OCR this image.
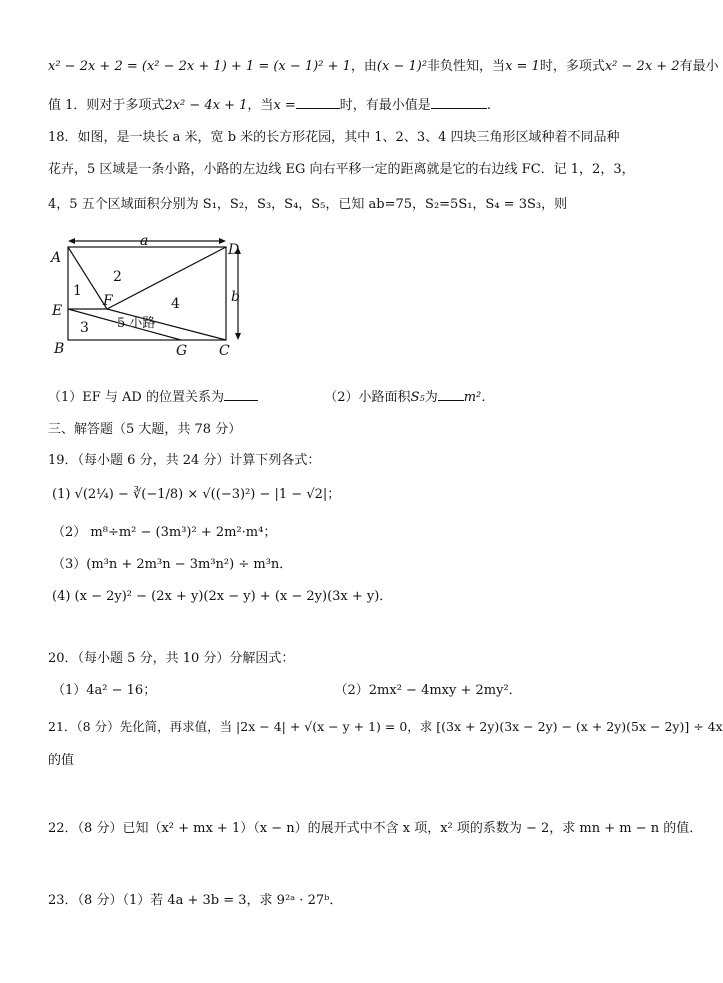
x² − 2x + 2 = (x² − 2x + 1) + 1 = (x − 1)² + 1，由(x − 1)²非负性知，当x = 1时，多项式x² − 2x + 2有最小
值 1．则对于多项式2x² − 4x + 1，当x =	时，有最小值是	.
18．如图，是一块长 a 米，宽 b 米的长方形花园，其中 1、2、3、4 四块三角形区域种着不同品种
花卉，5 区域是一条小路，小路的左边线 EG 向右平移一定的距离就是它的右边线 FC．记 1，2，3，
4，5 五个区域面积分别为 S₁，S₂，S₃，S₄，S₅，已知 ab=75，S₂=5S₁，S₄ = 3S₃，则
A	D
E
F
B	G C
a
b
1
2
3
4
5 小路
（1）EF 与 AD 的位置关系为	（2）小路面积S₅为 m²．
三、解答题（5 大题，共 78 分）
19．（每小题 6 分，共 24 分）计算下列各式：
(1) √(2¼) − ∛(−1/8) × √((−3)²) − |1 − √2|；
（2） m⁸÷m² − (3m³)² + 2m²·m⁴；
（3）(m³n + 2m³n − 3m³n²) ÷ m³n．
(4) (x − 2y)² − (2x + y)(2x − y) + (x − 2y)(3x + y)．
20．（每小题 5 分，共 10 分）分解因式：
（1）4a² − 16；	（2）2mx² − 4mxy + 2my²．
21．（8 分）先化简，再求值，当 |2x − 4| + √(x − y + 1) = 0，求 [(3x + 2y)(3x − 2y) − (x + 2y)(5x − 2y)] ÷ 4x
的值
22．（8 分）已知（x² + mx + 1）（x − n）的展开式中不含 x 项，x² 项的系数为 − 2，求 mn + m − n 的值．
23．（8 分）（1）若 4a + 3b = 3，求 9²ᵃ · 27ᵇ．
